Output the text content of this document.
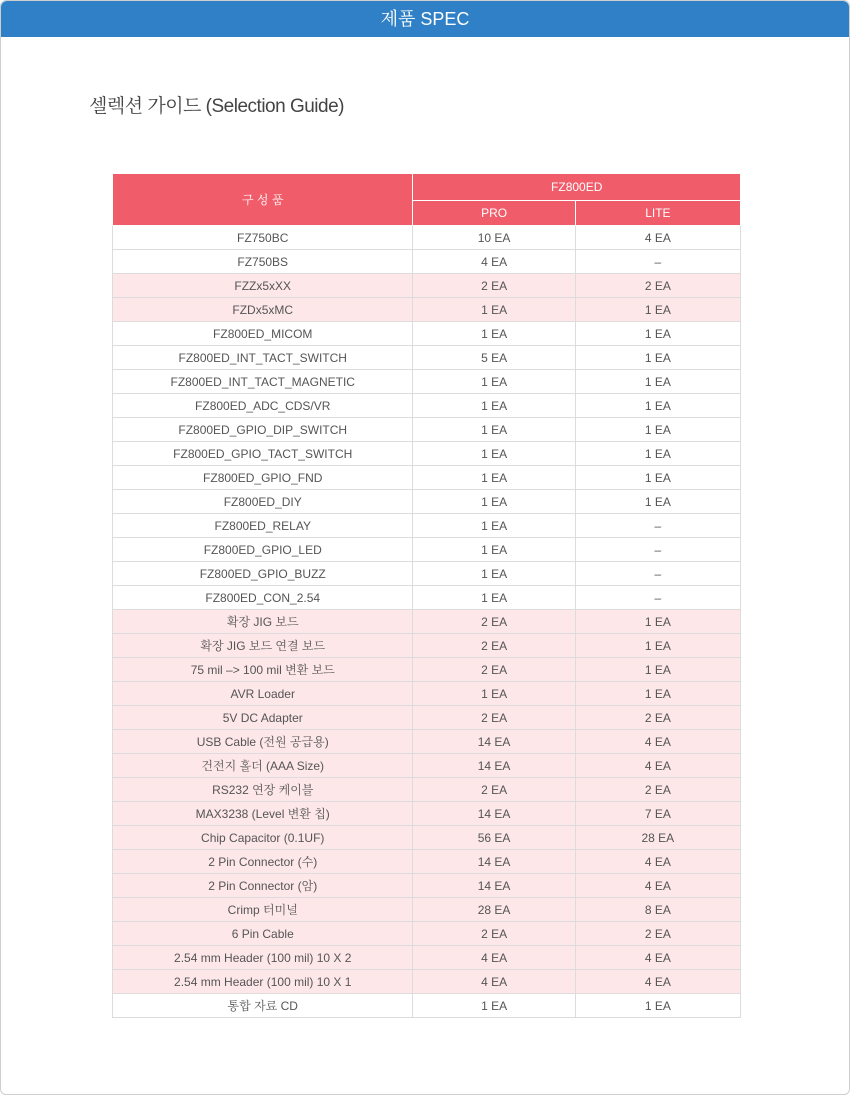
제품 SPEC
셀렉션 가이드 (Selection Guide)
구 성 품	FZ800ED	
	PRO	LITE
FZ750BC	10 EA	4 EA
FZ750BS	4 EA	–
FZZx5xXX	2 EA	2 EA
FZDx5xMC	1 EA	1 EA
FZ800ED_MICOM	1 EA	1 EA
FZ800ED_INT_TACT_SWITCH	5 EA	1 EA
FZ800ED_INT_TACT_MAGNETIC	1 EA	1 EA
FZ800ED_ADC_CDS/VR	1 EA	1 EA
FZ800ED_GPIO_DIP_SWITCH	1 EA	1 EA
FZ800ED_GPIO_TACT_SWITCH	1 EA	1 EA
FZ800ED_GPIO_FND	1 EA	1 EA
FZ800ED_DIY	1 EA	1 EA
FZ800ED_RELAY	1 EA	–
FZ800ED_GPIO_LED	1 EA	–
FZ800ED_GPIO_BUZZ	1 EA	–
FZ800ED_CON_2.54	1 EA	–
확장 JIG 보드	2 EA	1 EA
확장 JIG 보드 연결 보드	2 EA	1 EA
75 mil –> 100 mil 변환 보드	2 EA	1 EA
AVR Loader	1 EA	1 EA
5V DC Adapter	2 EA	2 EA
USB Cable (전원 공급용)	14 EA	4 EA
건전지 홀더 (AAA Size)	14 EA	4 EA
RS232 연장 케이블	2 EA	2 EA
MAX3238 (Level 변환 칩)	14 EA	7 EA
Chip Capacitor (0.1UF)	56 EA	28 EA
2 Pin Connector (수)	14 EA	4 EA
2 Pin Connector (암)	14 EA	4 EA
Crimp 터미널	28 EA	8 EA
6 Pin Cable	2 EA	2 EA
2.54 mm Header (100 mil) 10 X 2	4 EA	4 EA
2.54 mm Header (100 mil) 10 X 1	4 EA	4 EA
통합 자료 CD	1 EA	1 EA
